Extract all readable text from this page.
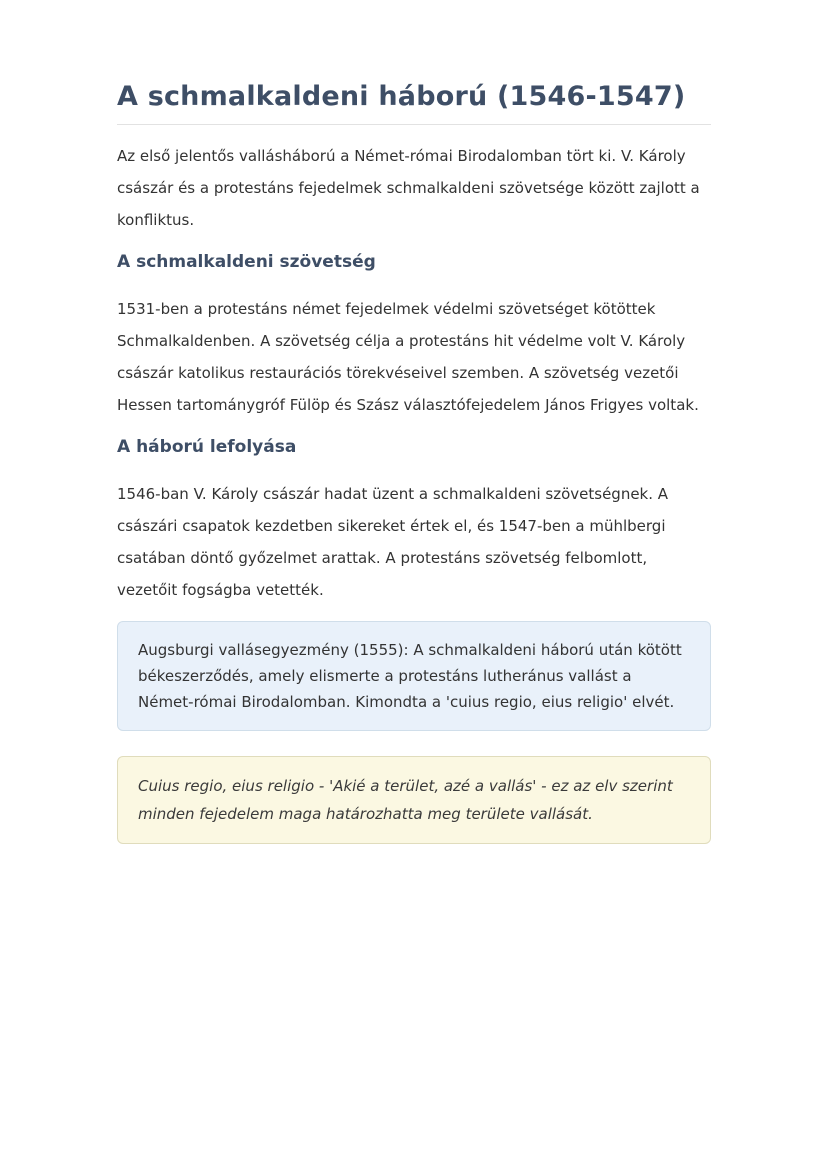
A schmalkaldeni háború (1546-1547)

Az első jelentős vallásháború a Német-római Birodalomban tört ki. V. Károly császár és a protestáns fejedelmek schmalkaldeni szövetsége között zajlott a konfliktus.

A schmalkaldeni szövetség

1531-ben a protestáns német fejedelmek védelmi szövetséget kötöttek Schmalkaldenben. A szövetség célja a protestáns hit védelme volt V. Károly császár katolikus restaurációs törekvéseivel szemben. A szövetség vezetői Hessen tartománygróf Fülöp és Szász választófejedelem János Frigyes voltak.

A háború lefolyása

1546-ban V. Károly császár hadat üzent a schmalkaldeni szövetségnek. A császári csapatok kezdetben sikereket értek el, és 1547-ben a mühlbergi csatában döntő győzelmet arattak. A protestáns szövetség felbomlott, vezetőit fogságba vetették.

Augsburgi vallásegyezmény (1555): A schmalkaldeni háború után kötött békeszerződés, amely elismerte a protestáns lutheránus vallást a Német-római Birodalomban. Kimondta a 'cuius regio, eius religio' elvét.

Cuius regio, eius religio - 'Akié a terület, azé a vallás' - ez az elv szerint minden fejedelem maga határozhatta meg területe vallását.
